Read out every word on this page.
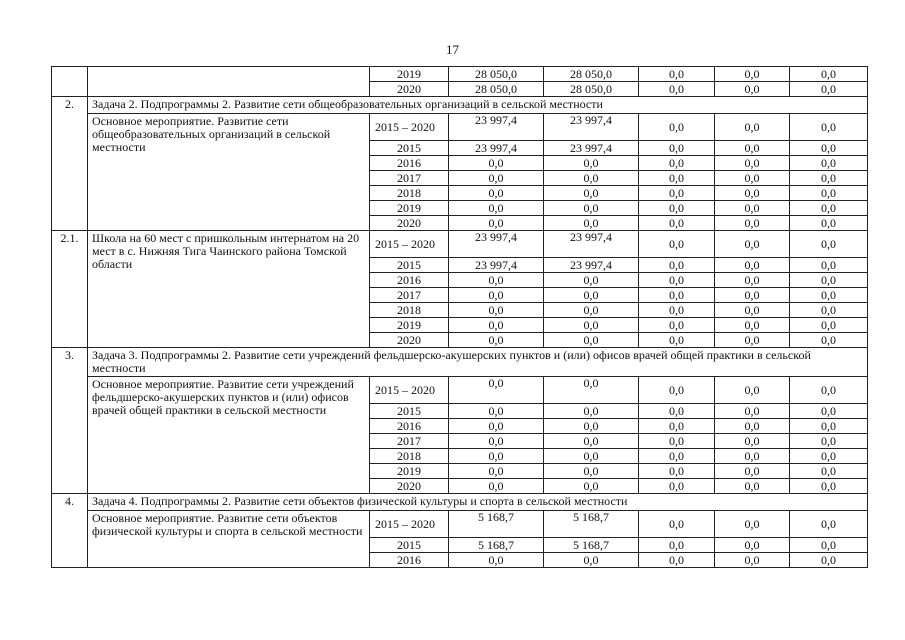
17
		2019	28 050,0	28 050,0	0,0	0,0	0,0
		2020	28 050,0	28 050,0	0,0	0,0	0,0
2.	Задача 2. Подпрограммы 2. Развитие сети общеобразовательных организаций в сельской местности						
	Основное мероприятие. Развитие сети общеобразовательных организаций в сельской местности	2015 – 2020	23 997,4	23 997,4	0,0	0,0	0,0
		2015	23 997,4	23 997,4	0,0	0,0	0,0
		2016	0,0	0,0	0,0	0,0	0,0
		2017	0,0	0,0	0,0	0,0	0,0
		2018	0,0	0,0	0,0	0,0	0,0
		2019	0,0	0,0	0,0	0,0	0,0
		2020	0,0	0,0	0,0	0,0	0,0
2.1.	Школа на 60 мест с пришкольным интернатом на 20 мест в с. Нижняя Тига Чаинского района Томской области	2015 – 2020	23 997,4	23 997,4	0,0	0,0	0,0
		2015	23 997,4	23 997,4	0,0	0,0	0,0
		2016	0,0	0,0	0,0	0,0	0,0
		2017	0,0	0,0	0,0	0,0	0,0
		2018	0,0	0,0	0,0	0,0	0,0
		2019	0,0	0,0	0,0	0,0	0,0
		2020	0,0	0,0	0,0	0,0	0,0
3.	Задача 3. Подпрограммы 2. Развитие сети учреждений фельдшерско-акушерских пунктов и (или) офисов врачей общей практики в сельской местности						
	Основное мероприятие. Развитие сети учреждений фельдшерско-акушерских пунктов и (или) офисов врачей общей практики в сельской местности	2015 – 2020	0,0	0,0	0,0	0,0	0,0
		2015	0,0	0,0	0,0	0,0	0,0
		2016	0,0	0,0	0,0	0,0	0,0
		2017	0,0	0,0	0,0	0,0	0,0
		2018	0,0	0,0	0,0	0,0	0,0
		2019	0,0	0,0	0,0	0,0	0,0
		2020	0,0	0,0	0,0	0,0	0,0
4.	Задача 4. Подпрограммы 2. Развитие сети объектов физической культуры и спорта в сельской местности						
	Основное мероприятие. Развитие сети объектов физической культуры и спорта в сельской местности	2015 – 2020	5 168,7	5 168,7	0,0	0,0	0,0
		2015	5 168,7	5 168,7	0,0	0,0	0,0
		2016	0,0	0,0	0,0	0,0	0,0
